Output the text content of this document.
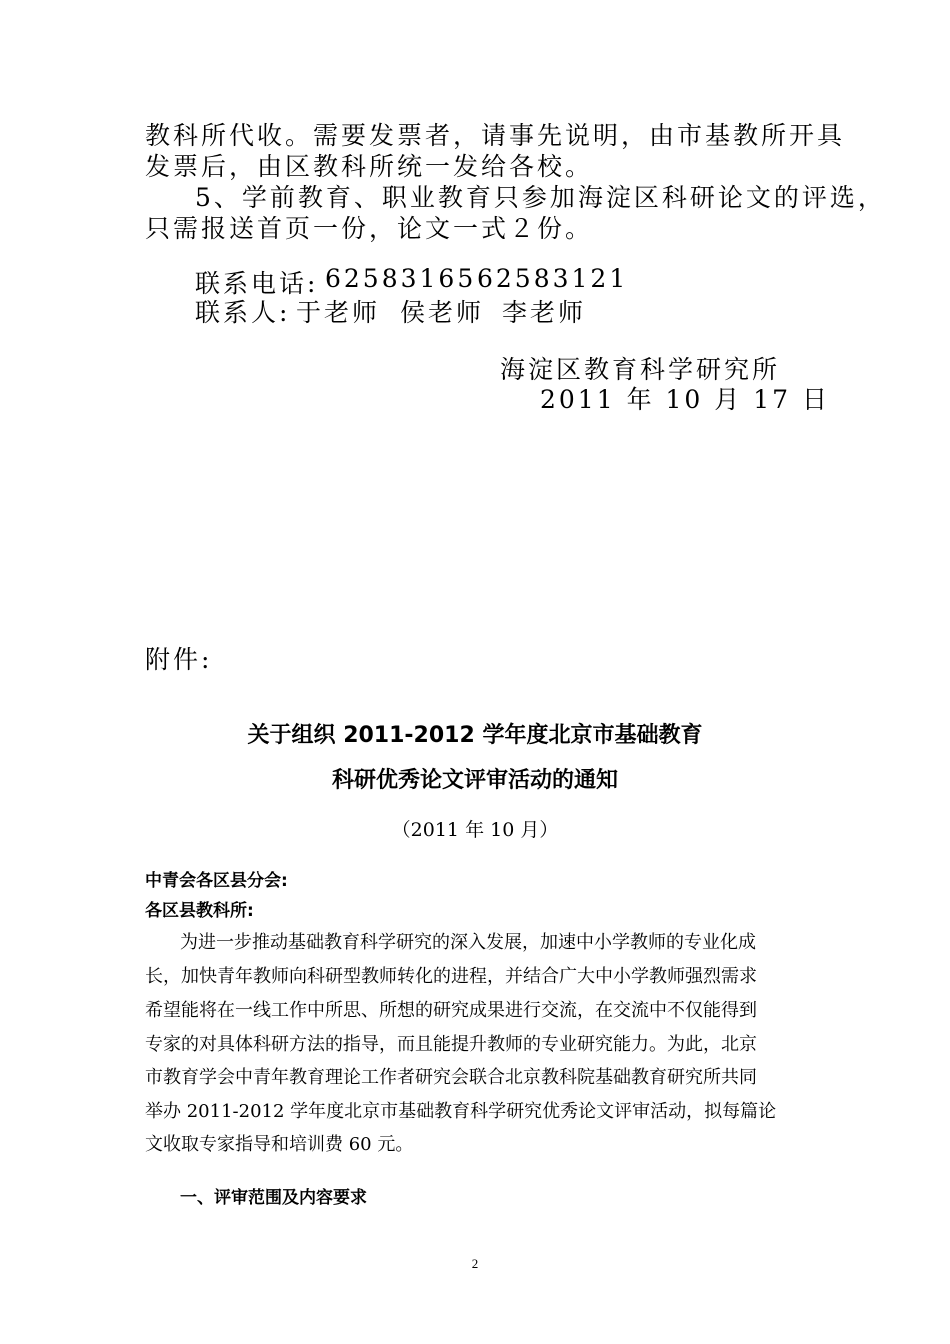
教科所代收。需要发票者，请事先说明，由市基教所开具
发票后，由区教科所统一发给各校。
5、学前教育、职业教育只参加海淀区科研论文的评选，
只需报送首页一份，论文一式２份。
联系电话: 62583165 62583121
联系人: 于老师 侯老师 李老师
海淀区教育科学研究所
2011 年 10 月 17 日
附件:
关于组织 2011-2012 学年度北京市基础教育
科研优秀论文评审活动的通知
（2011 年 10 月）
中青会各区县分会:
各区县教科所:
为进一步推动基础教育科学研究的深入发展，加速中小学教师的专业化成
长，加快青年教师向科研型教师转化的进程，并结合广大中小学教师强烈需求
希望能将在一线工作中所思、所想的研究成果进行交流，在交流中不仅能得到
专家的对具体科研方法的指导，而且能提升教师的专业研究能力。为此，北京
市教育学会中青年教育理论工作者研究会联合北京教科院基础教育研究所共同
举办 2011-2012 学年度北京市基础教育科学研究优秀论文评审活动，拟每篇论
文收取专家指导和培训费 60 元。
一、评审范围及内容要求
2
